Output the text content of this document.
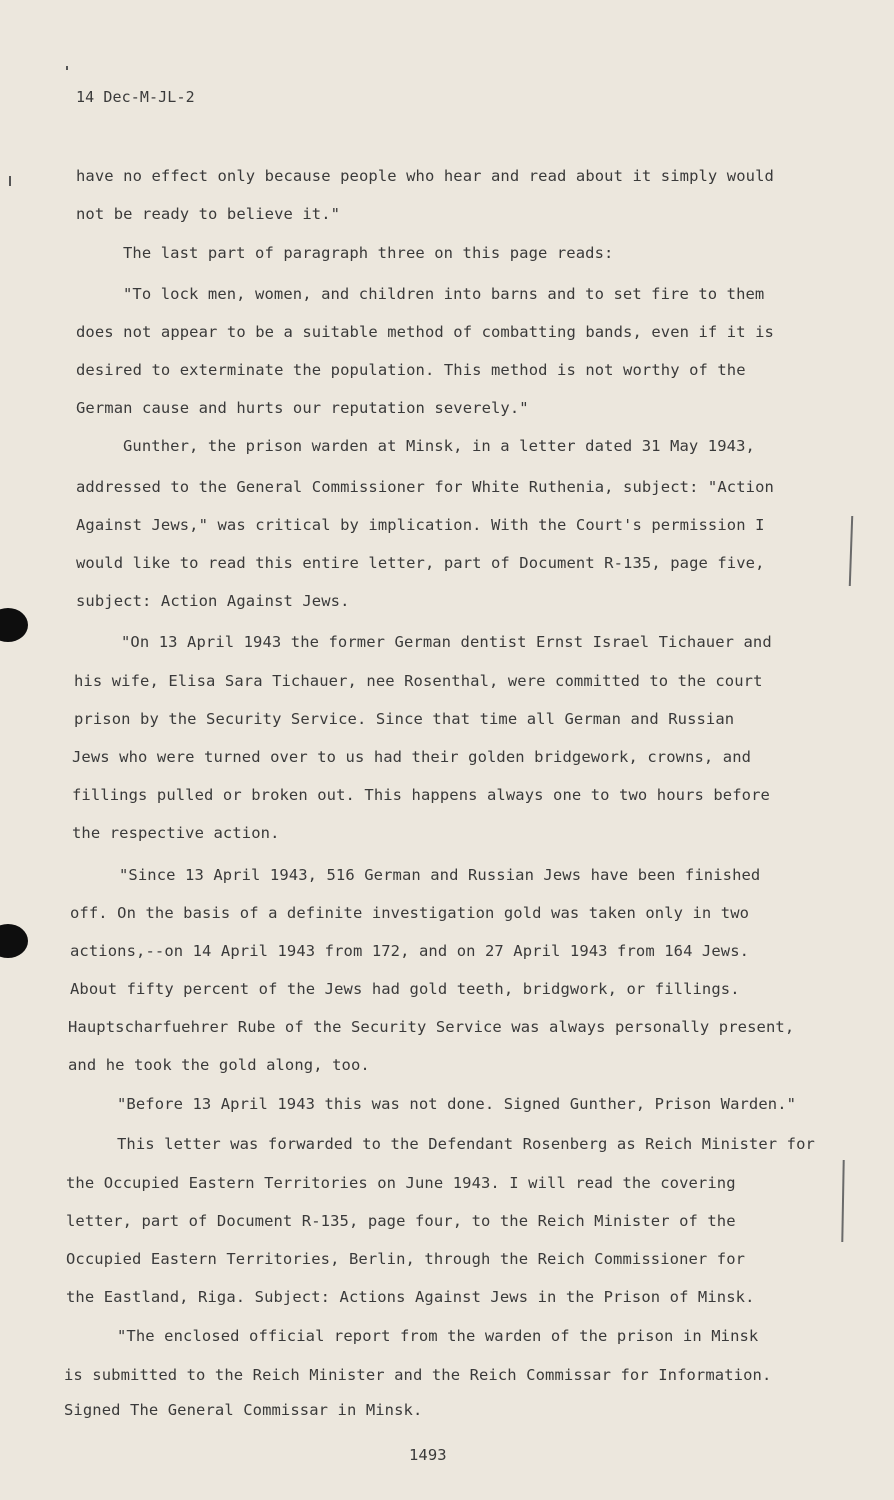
14 Dec-M-JL-2
have no effect only because people who hear and read about it simply would
not be ready to believe it."
The last part of paragraph three on this page reads:
"To lock men, women, and children into barns and to set fire to them
does not appear to be a suitable method of combatting bands, even if it is
desired to exterminate the population. This method is not worthy of the
German cause and hurts our reputation severely."
Gunther, the prison warden at Minsk, in a letter dated 31 May 1943,
addressed to the General Commissioner for White Ruthenia, subject: "Action
Against Jews," was critical by implication. With the Court's permission I
would like to read this entire letter, part of Document R-135, page five,
subject: Action Against Jews.
"On 13 April 1943 the former German dentist Ernst Israel Tichauer and
his wife, Elisa Sara Tichauer, nee Rosenthal, were committed to the court
prison by the Security Service. Since that time all German and Russian
Jews who were turned over to us had their golden bridgework, crowns, and
fillings pulled or broken out. This happens always one to two hours before
the respective action.
"Since 13 April 1943, 516 German and Russian Jews have been finished
off. On the basis of a definite investigation gold was taken only in two
actions,--on 14 April 1943 from 172, and on 27 April 1943 from 164 Jews.
About fifty percent of the Jews had gold teeth, bridgwork, or fillings.
Hauptscharfuehrer Rube of the Security Service was always personally present,
and he took the gold along, too.
"Before 13 April 1943 this was not done. Signed Gunther, Prison Warden."
This letter was forwarded to the Defendant Rosenberg as Reich Minister for
the Occupied Eastern Territories on June 1943. I will read the covering
letter, part of Document R-135, page four, to the Reich Minister of the
Occupied Eastern Territories, Berlin, through the Reich Commissioner for
the Eastland, Riga. Subject: Actions Against Jews in the Prison of Minsk.
"The enclosed official report from the warden of the prison in Minsk
is submitted to the Reich Minister and the Reich Commissar for Information.
Signed The General Commissar in Minsk.
1493
